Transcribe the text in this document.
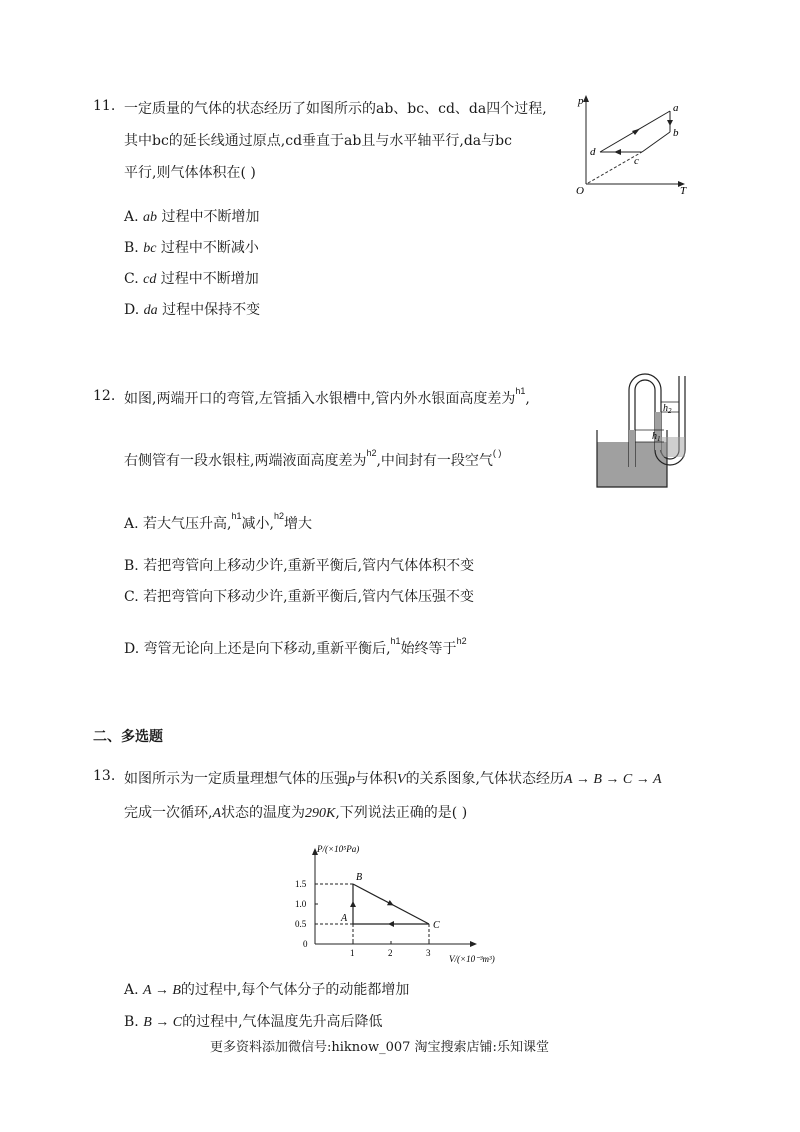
11. 一定质量的气体的状态经历了如图所示的ab、bc、cd、da四个过程,
其中bc的延长线通过原点,cd垂直于ab且与水平轴平行,da与bc
平行,则气体体积在( )
A. ab 过程中不断增加
B. bc 过程中不断减小
C. cd 过程中不断增加
D. da 过程中保持不变
p
T
O
a
b
c
d
12. 如图,两端开口的弯管,左管插入水银槽中,管内外水银面高度差为$^{h1}$,
右侧管有一段水银柱,两端液面高度差为$^{h2}$,中间封有一段空气( )
A. 若大气压升高,$^{h1}$减小,$^{h2}$增大
B. 若把弯管向上移动少许,重新平衡后,管内气体体积不变
C. 若把弯管向下移动少许,重新平衡后,管内气体压强不变
D. 弯管无论向上还是向下移动,重新平衡后,$^{h1}$始终等于$^{h2}$
$h_2$
$h_1$
二、多选题
13. 如图所示为一定质量理想气体的压强p与体积V的关系图象,气体状态经历A → B → C → A
完成一次循环,A状态的温度为290K,下列说法正确的是( )
P/(×10⁵Pa)
V/(×10⁻³m³)
0
1	2	3
0.5
1.0
1.5
A
B
C
A. A → B的过程中,每个气体分子的动能都增加
B. B → C的过程中,气体温度先升高后降低
更多资料添加微信号:hiknow_007 淘宝搜索店铺:乐知课堂
